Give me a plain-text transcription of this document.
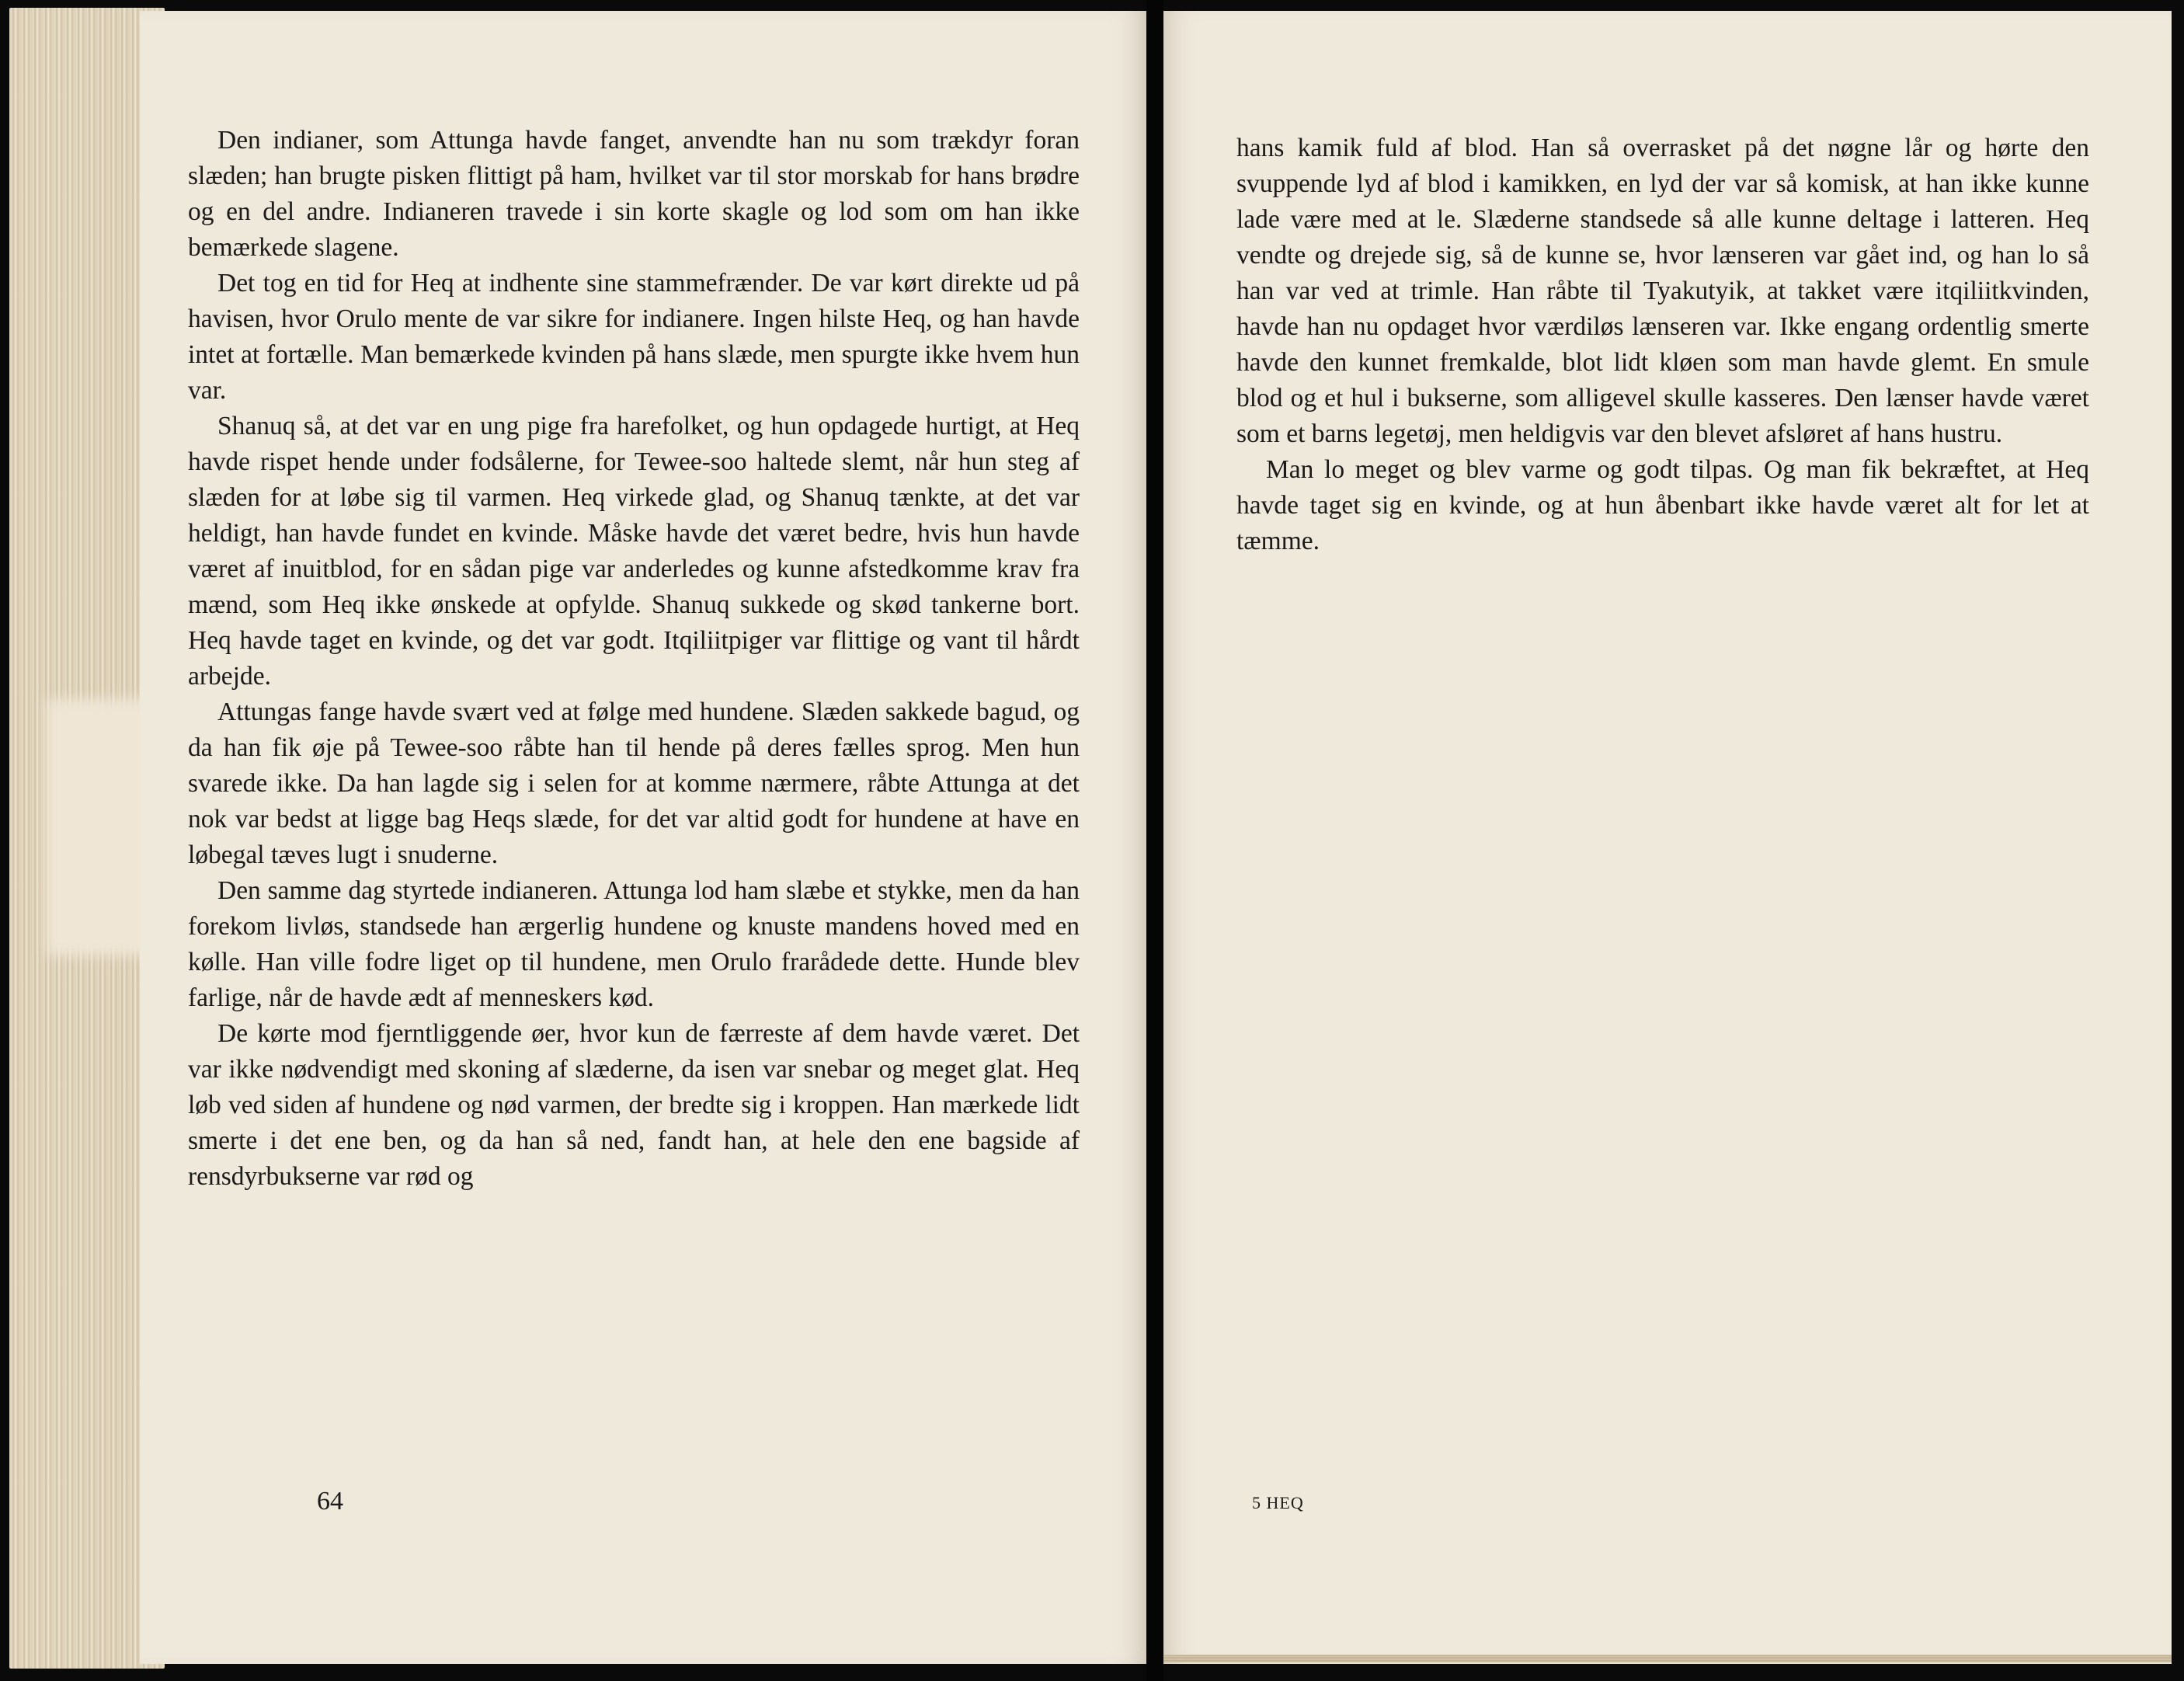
Den indianer, som Attunga havde fanget, anvendte han nu som trækdyr foran slæden; han brugte pisken flittigt på ham, hvilket var til stor morskab for hans brødre og en del andre. Indianeren travede i sin korte skagle og lod som om han ikke bemærkede slagene.

Det tog en tid for Heq at indhente sine stammefrænder. De var kørt direkte ud på havisen, hvor Orulo mente de var sikre for indianere. Ingen hilste Heq, og han havde intet at fortælle. Man bemærkede kvinden på hans slæde, men spurgte ikke hvem hun var.

Shanuq så, at det var en ung pige fra harefolket, og hun opdagede hurtigt, at Heq havde rispet hende under fodsålerne, for Tewee-soo haltede slemt, når hun steg af slæden for at løbe sig til varmen. Heq virkede glad, og Shanuq tænkte, at det var heldigt, han havde fundet en kvinde. Måske havde det været bedre, hvis hun havde været af inuitblod, for en sådan pige var anderledes og kunne afstedkomme krav fra mænd, som Heq ikke ønskede at opfylde. Shanuq sukkede og skød tankerne bort. Heq havde taget en kvinde, og det var godt. Itqiliitpiger var flittige og vant til hårdt arbejde.

Attungas fange havde svært ved at følge med hundene. Slæden sakkede bagud, og da han fik øje på Tewee-soo råbte han til hende på deres fælles sprog. Men hun svarede ikke. Da han lagde sig i selen for at komme nærmere, råbte Attunga at det nok var bedst at ligge bag Heqs slæde, for det var altid godt for hundene at have en løbegal tæves lugt i snuderne.

Den samme dag styrtede indianeren. Attunga lod ham slæbe et stykke, men da han forekom livløs, standsede han ærgerlig hundene og knuste mandens hoved med en kølle. Han ville fodre liget op til hundene, men Orulo frarådede dette. Hunde blev farlige, når de havde ædt af menneskers kød.

De kørte mod fjerntliggende øer, hvor kun de færreste af dem havde været. Det var ikke nødvendigt med skoning af slæderne, da isen var snebar og meget glat. Heq løb ved siden af hundene og nød varmen, der bredte sig i kroppen. Han mærkede lidt smerte i det ene ben, og da han så ned, fandt han, at hele den ene bagside af rensdyrbukserne var rød og

64

hans kamik fuld af blod. Han så overrasket på det nøgne lår og hørte den svuppende lyd af blod i kamikken, en lyd der var så komisk, at han ikke kunne lade være med at le. Slæderne standsede så alle kunne deltage i latteren. Heq vendte og drejede sig, så de kunne se, hvor lænseren var gået ind, og han lo så han var ved at trimle. Han råbte til Tyakutyik, at takket være itqiliitkvinden, havde han nu opdaget hvor værdiløs lænseren var. Ikke engang ordentlig smerte havde den kunnet fremkalde, blot lidt kløen som man havde glemt. En smule blod og et hul i bukserne, som alligevel skulle kasseres. Den lænser havde været som et barns legetøj, men heldigvis var den blevet afsløret af hans hustru.

Man lo meget og blev varme og godt tilpas. Og man fik bekræftet, at Heq havde taget sig en kvinde, og at hun åbenbart ikke havde været alt for let at tæmme.

5 HEQ
